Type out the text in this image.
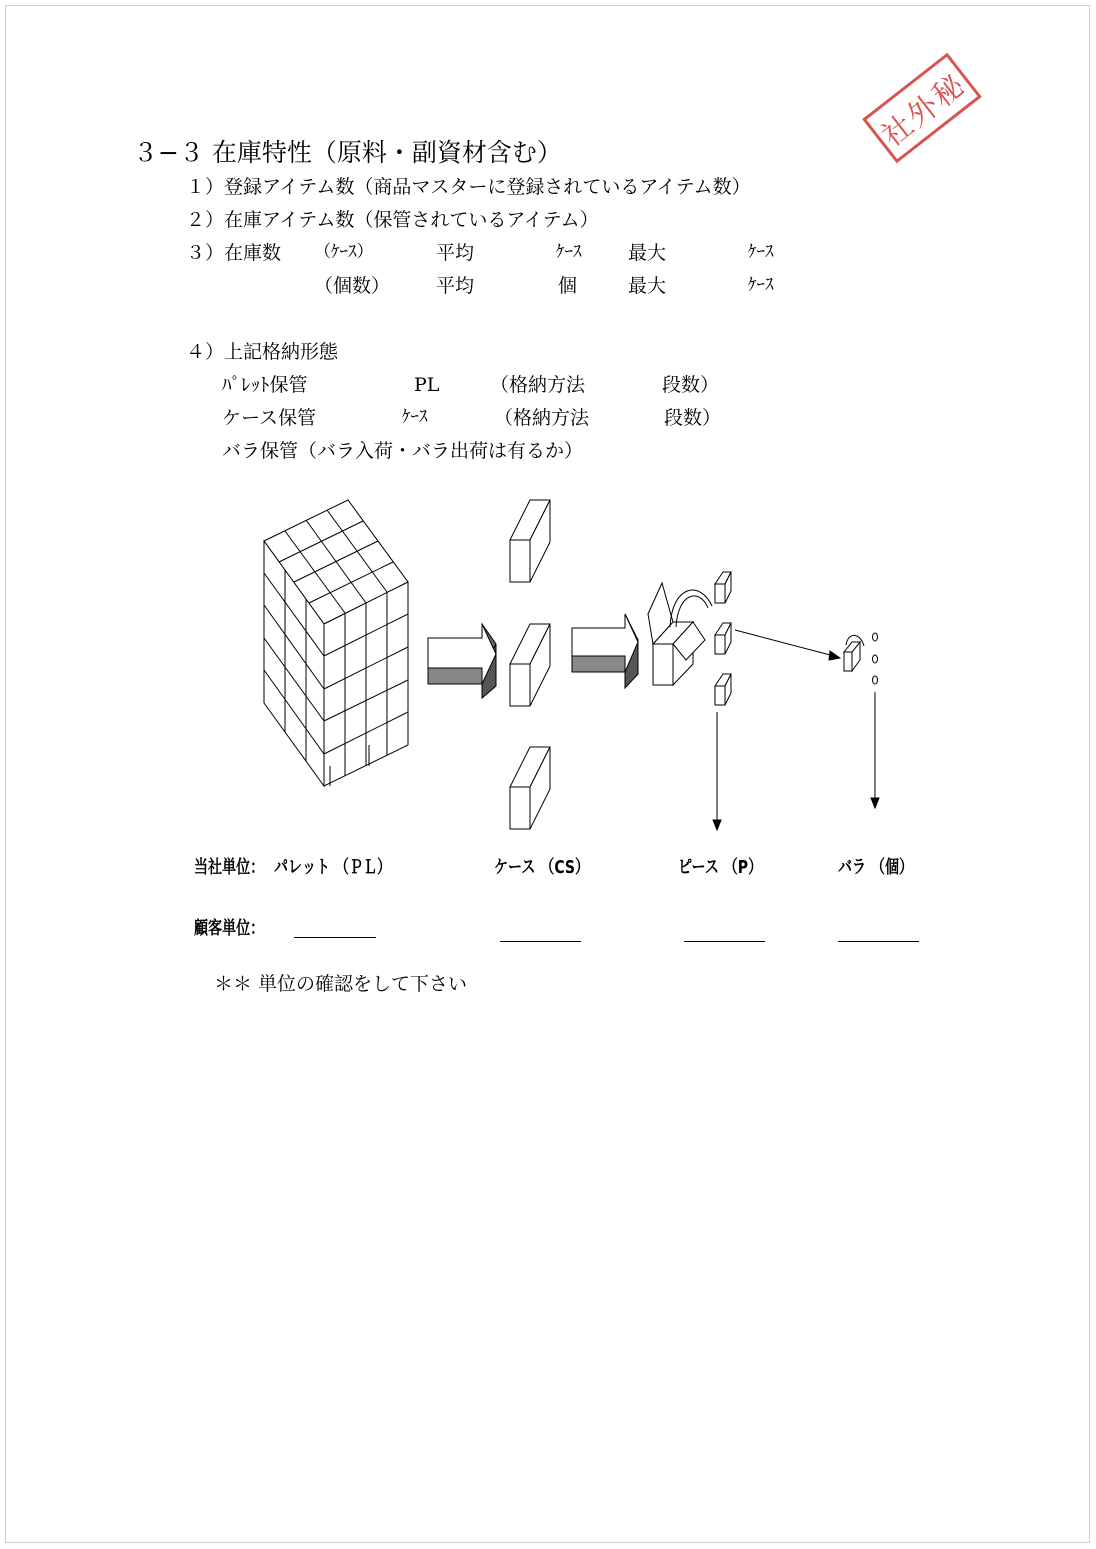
社外秘
３−３ 在庫特性（原料・副資材含む）
１）登録アイテム数（商品マスターに登録されているアイテム数）
２）在庫アイテム数（保管されているアイテム）
３）在庫数 （ｹｰｽ）	平均	ｹｰｽ 最大	ｹｰｽ
（個数） 平均	個	最大	ｹｰｽ
４）上記格納形態
ﾊﾟﾚｯﾄ保管	PL	（格納方法	段数）
ケース保管	ｹｰｽ	（格納方法	段数）
バラ保管（バラ入荷・バラ出荷は有るか）
当社単位： パレット （ＰＬ）	ケース （CS）	ピース （P）	バラ （個）
顧客単位：
＊＊ 単位の確認をして下さい
